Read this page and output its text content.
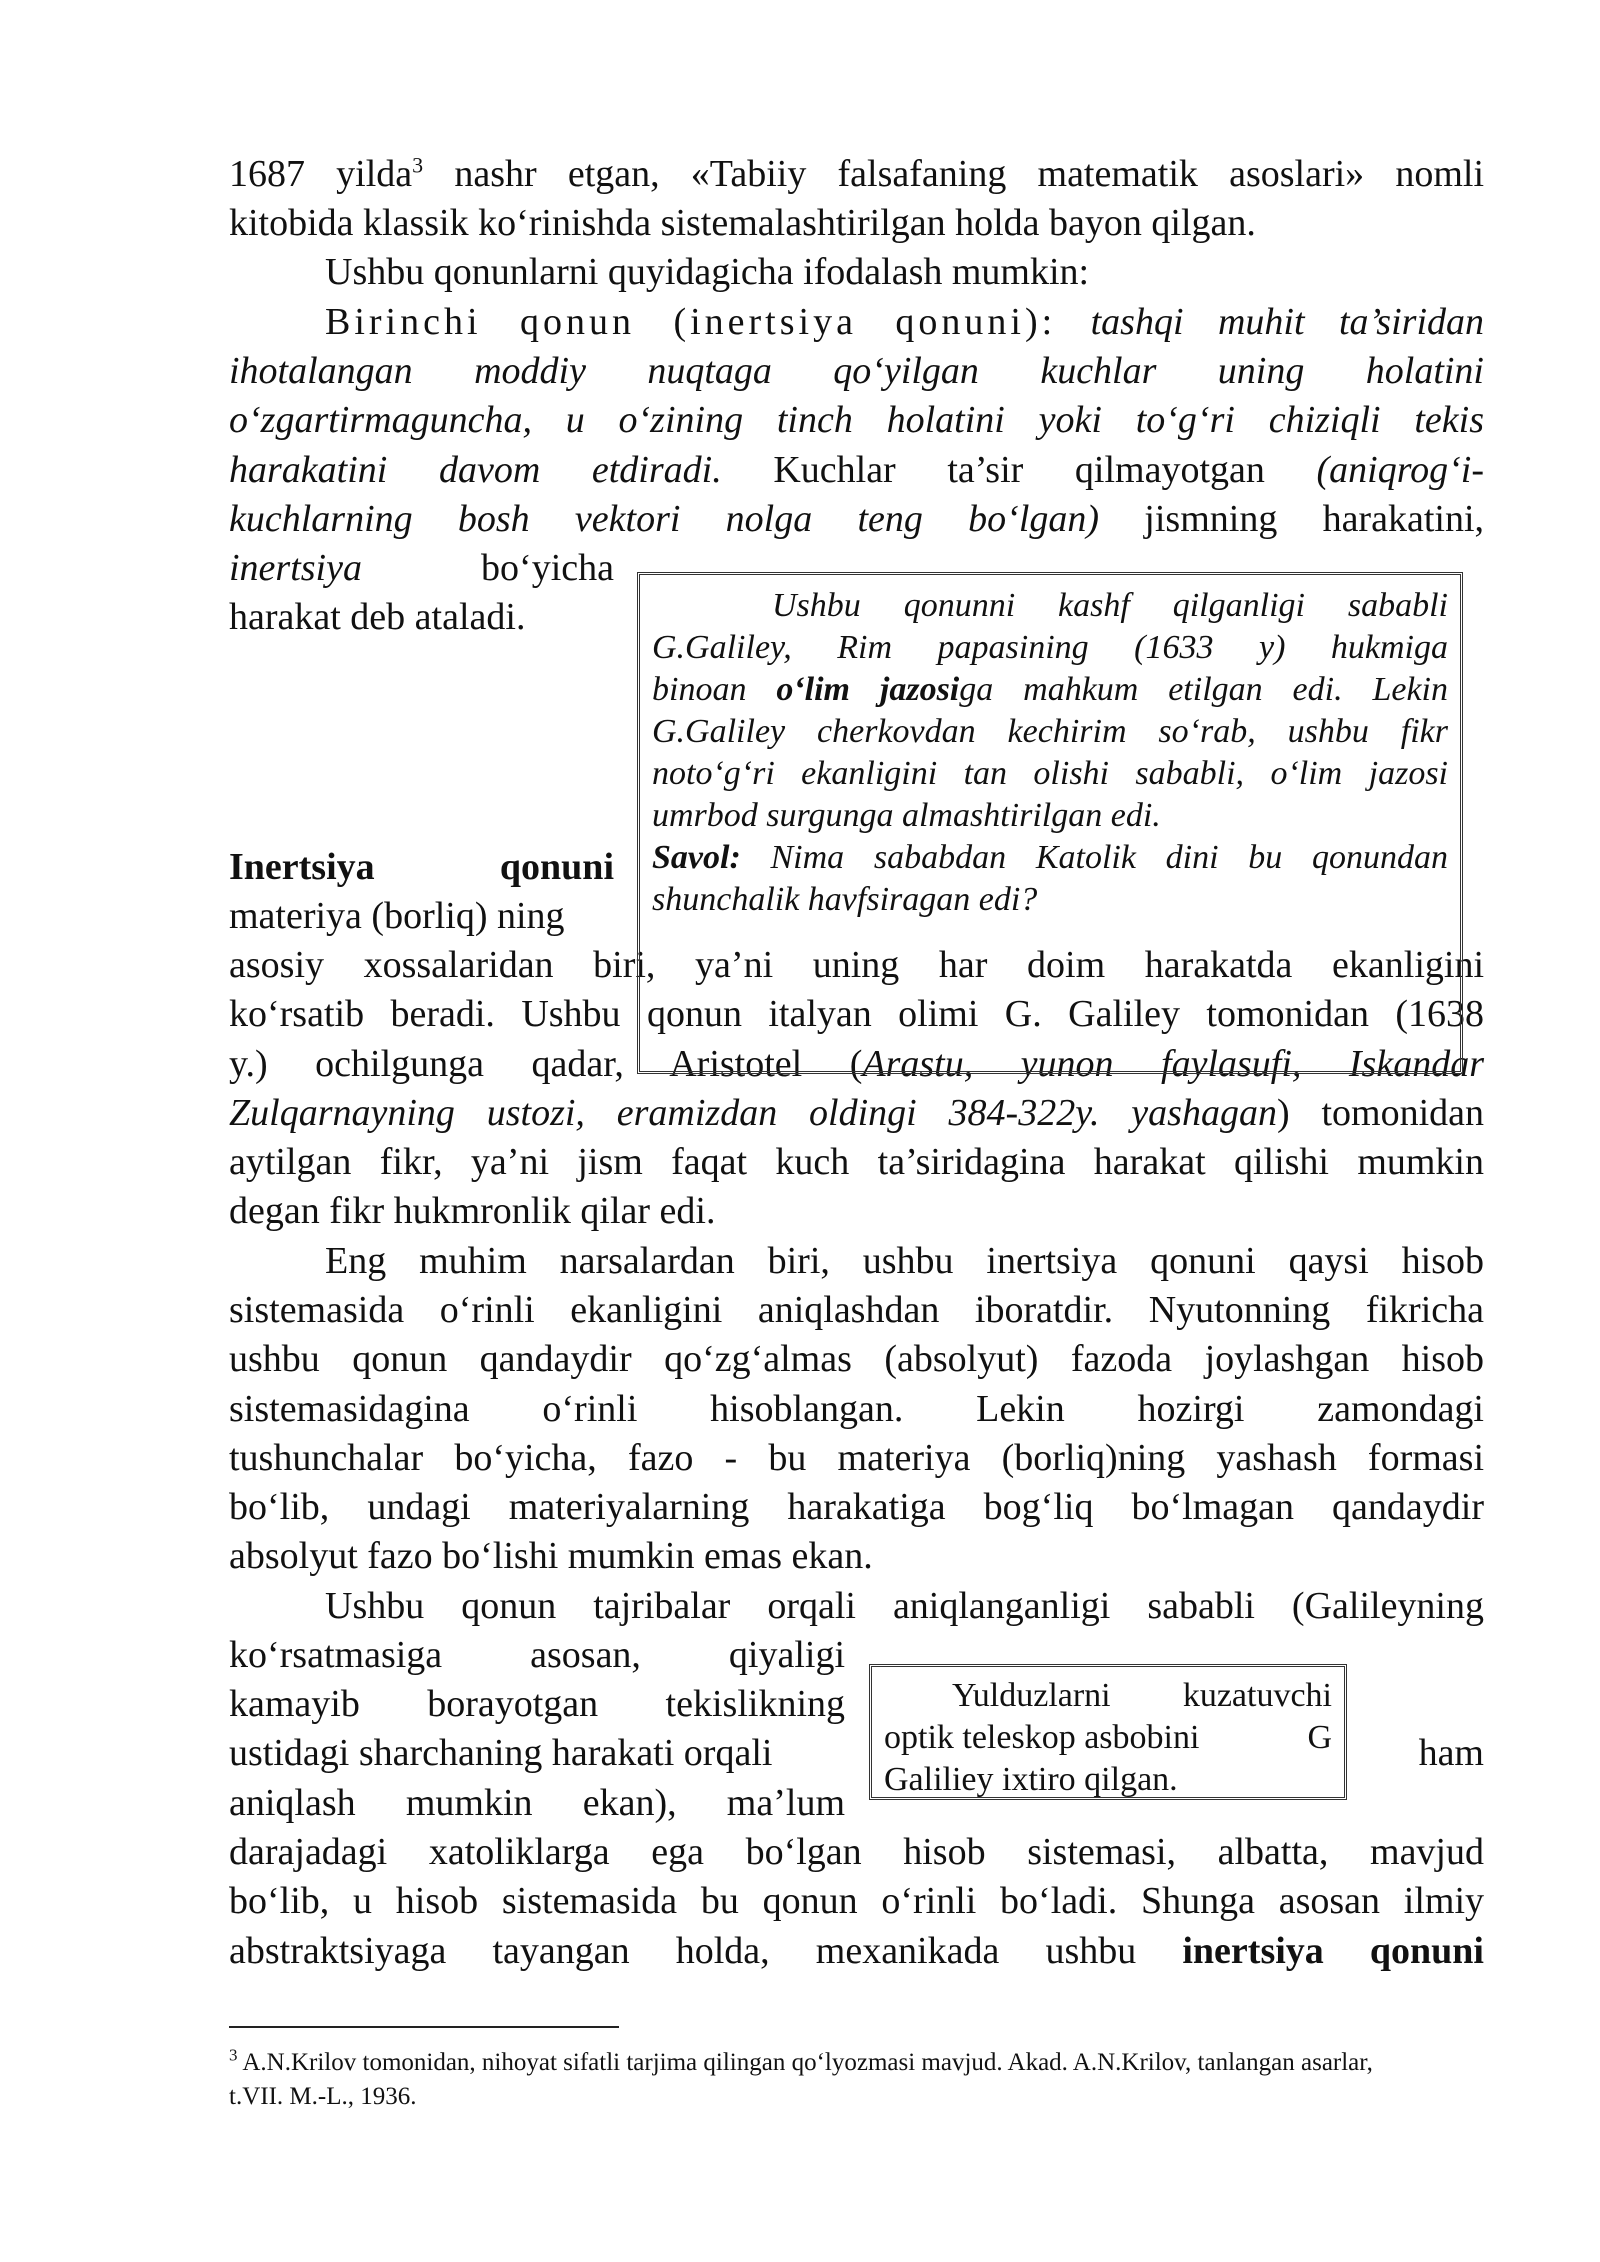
1687 yilda$^3$ nashr etgan, «Tabiiy falsafaning matematik asoslari» nomli
kitobida klassik ko‘rinishda sistemalashtirilgan holda bayon qilgan.
Ushbu qonunlarni quyidagicha ifodalash mumkin:
Birinchi qonun (inertsiya qonuni): tashqi muhit ta’siridan
ihotalangan moddiy nuqtaga qo‘yilgan kuchlar uning holatini
o‘zgartirmaguncha, u o‘zining tinch holatini yoki to‘g‘ri chiziqli tekis
harakatini davom etdiradi. Kuchlar ta’sir qilmayotgan (aniqrog‘i-
kuchlarning bosh vektori nolga teng bo‘lgan) jismning harakatini,
inertsiya bo‘yicha
harakat deb ataladi.
Inertsiya qonuni
materiya (borliq) ning
asosiy xossalaridan biri, ya’ni uning har doim harakatda ekanligini
ko‘rsatib beradi. Ushbu qonun italyan olimi G. Galiley tomonidan (1638
y.) ochilgunga qadar, Aristotel (Arastu, yunon faylasufi, Iskandar
Zulqarnayning ustozi, eramizdan oldingi 384-322y. yashagan) tomonidan
aytilgan fikr, ya’ni jism faqat kuch ta’siridagina harakat qilishi mumkin
degan fikr hukmronlik qilar edi.
Eng muhim narsalardan biri, ushbu inertsiya qonuni qaysi hisob
sistemasida o‘rinli ekanligini aniqlashdan iboratdir. Nyutonning fikricha
ushbu qonun qandaydir qo‘zg‘almas (absolyut) fazoda joylashgan hisob
sistemasidagina o‘rinli hisoblangan. Lekin hozirgi zamondagi
tushunchalar bo‘yicha, fazo - bu materiya (borliq)ning yashash formasi
bo‘lib, undagi materiyalarning harakatiga bog‘liq bo‘lmagan qandaydir
absolyut fazo bo‘lishi mumkin emas ekan.
Ushbu qonun tajribalar orqali aniqlanganligi sababli (Galileyning
ko‘rsatmasiga asosan, qiyaligi
kamayib borayotgan tekislikning
ustidagi sharchaning harakati orqali	ham
aniqlash mumkin ekan), ma’lum
darajadagi xatoliklarga ega bo‘lgan hisob sistemasi, albatta, mavjud
bo‘lib, u hisob sistemasida bu qonun o‘rinli bo‘ladi. Shunga asosan ilmiy
abstraktsiyaga tayangan holda, mexanikada ushbu inertsiya qonuni
Ushbu qonunni kashf qilganligi sababli
G.Galiley, Rim papasining (1633 y) hukmiga
binoan o‘lim jazosiga mahkum etilgan edi. Lekin
G.Galiley cherkovdan kechirim so‘rab, ushbu fikr
noto‘g‘ri ekanligini tan olishi sababli, o‘lim jazosi
umrbod surgunga almashtirilgan edi.
Savol: Nima sababdan Katolik dini bu qonundan
shunchalik havfsiragan edi?
Yulduzlarni kuzatuvchi
optik teleskop asbobini	G
Galiliey ixtiro qilgan.
$^3$ A.N.Krilov tomonidan, nihoyat sifatli tarjima qilingan qo‘lyozmasi mavjud. Akad. A.N.Krilov, tanlangan asarlar,
t.VII. M.-L., 1936.
